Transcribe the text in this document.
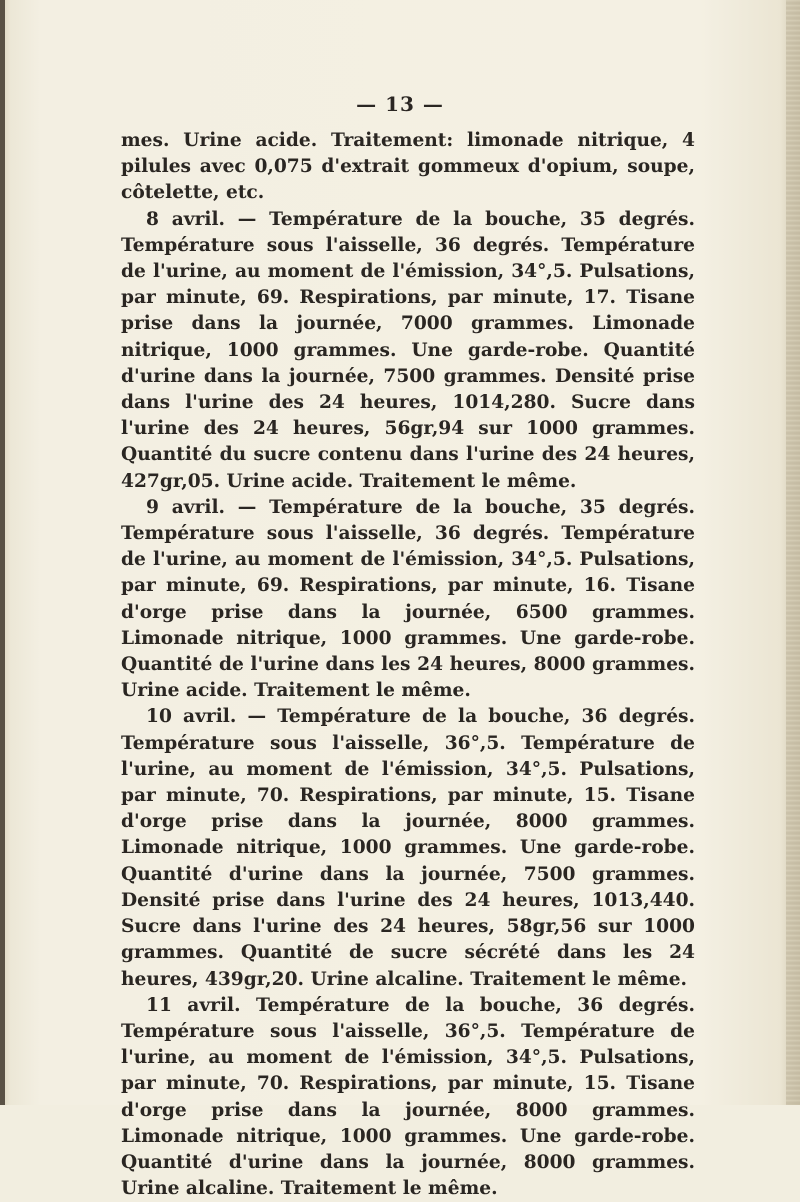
— 13 —

mes. Urine acide. Traitement: limonade nitrique, 4 pilules avec 0,075 d'extrait gommeux d'opium, soupe, côtelette, etc.

8 avril. — Température de la bouche, 35 degrés. Température sous l'aisselle, 36 degrés. Température de l'urine, au moment de l'émission, 34°,5. Pulsations, par minute, 69. Respirations, par minute, 17. Tisane prise dans la journée, 7000 grammes. Limonade nitrique, 1000 grammes. Une garde-robe. Quantité d'urine dans la journée, 7500 grammes. Densité prise dans l'urine des 24 heures, 1014,280. Sucre dans l'urine des 24 heures, 56gr,94 sur 1000 grammes. Quantité du sucre contenu dans l'urine des 24 heures, 427gr,05. Urine acide. Traitement le même.

9 avril. — Température de la bouche, 35 degrés. Température sous l'aisselle, 36 degrés. Température de l'urine, au moment de l'émission, 34°,5. Pulsations, par minute, 69. Respirations, par minute, 16. Tisane d'orge prise dans la journée, 6500 grammes. Limonade nitrique, 1000 grammes. Une garde-robe. Quantité de l'urine dans les 24 heures, 8000 grammes. Urine acide. Traitement le même.

10 avril. — Température de la bouche, 36 degrés. Température sous l'aisselle, 36°,5. Température de l'urine, au moment de l'émission, 34°,5. Pulsations, par minute, 70. Respirations, par minute, 15. Tisane d'orge prise dans la journée, 8000 grammes. Limonade nitrique, 1000 grammes. Une garde-robe. Quantité d'urine dans la journée, 7500 grammes. Densité prise dans l'urine des 24 heures, 1013,440. Sucre dans l'urine des 24 heures, 58gr,56 sur 1000 grammes. Quantité de sucre sécrété dans les 24 heures, 439gr,20. Urine alcaline. Traitement le même.

11 avril. Température de la bouche, 36 degrés. Température sous l'aisselle, 36°,5. Température de l'urine, au moment de l'émission, 34°,5. Pulsations, par minute, 70. Respirations, par minute, 15. Tisane d'orge prise dans la journée, 8000 grammes. Limonade nitrique, 1000 grammes. Une garde-robe. Quantité d'urine dans la journée, 8000 grammes. Urine alcaline. Traitement le même.
